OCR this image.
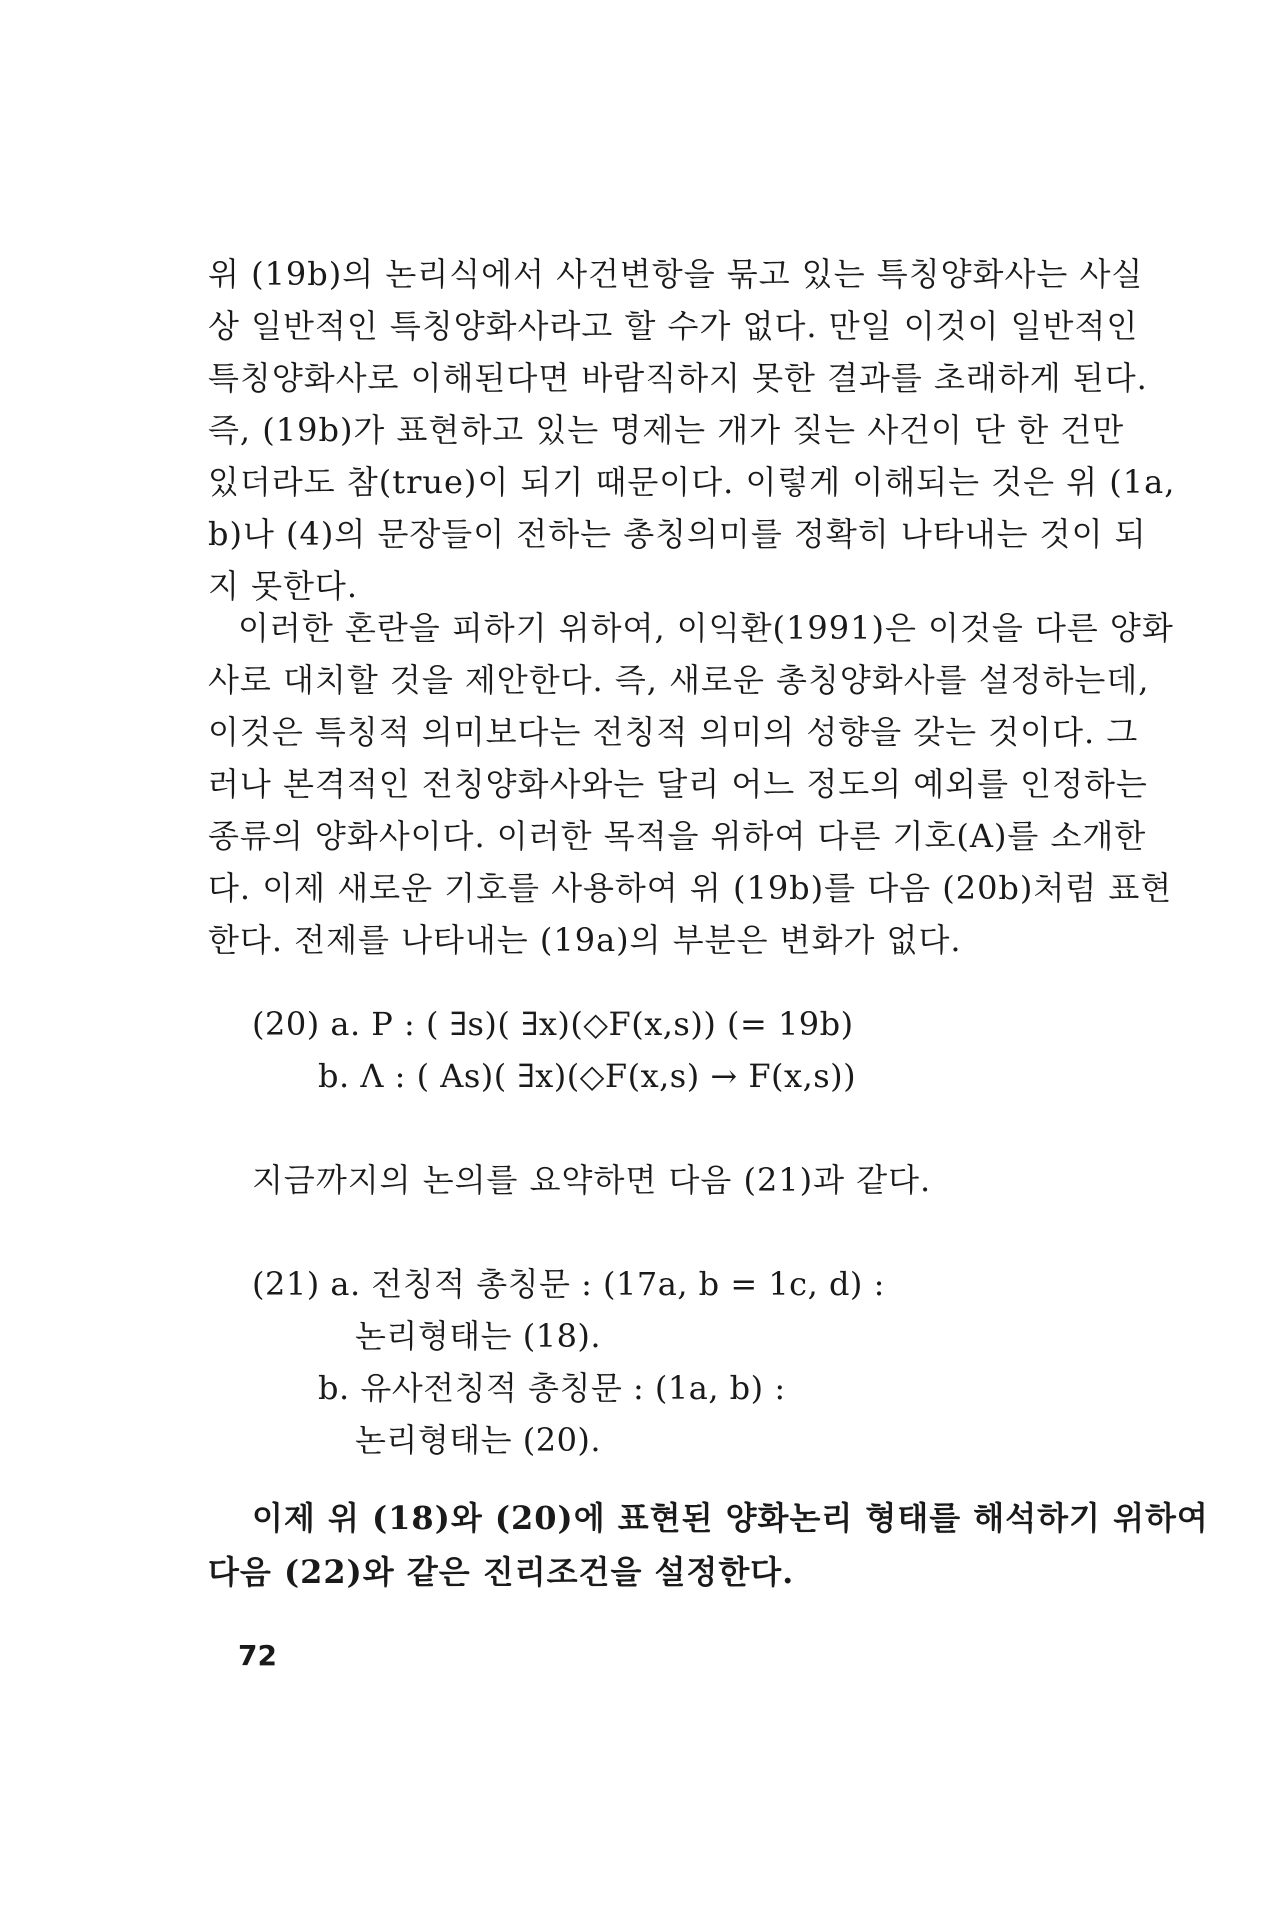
위 (19b)의 논리식에서 사건변항을 묶고 있는 특칭양화사는 사실
상 일반적인 특칭양화사라고 할 수가 없다. 만일 이것이 일반적인
특칭양화사로 이해된다면 바람직하지 못한 결과를 초래하게 된다.
즉, (19b)가 표현하고 있는 명제는 개가 짖는 사건이 단 한 건만
있더라도 참(true)이 되기 때문이다. 이렇게 이해되는 것은 위 (1a,
b)나 (4)의 문장들이 전하는 총칭의미를 정확히 나타내는 것이 되
지 못한다.
이러한 혼란을 피하기 위하여, 이익환(1991)은 이것을 다른 양화
사로 대치할 것을 제안한다. 즉, 새로운 총칭양화사를 설정하는데,
이것은 특칭적 의미보다는 전칭적 의미의 성향을 갖는 것이다. 그
러나 본격적인 전칭양화사와는 달리 어느 정도의 예외를 인정하는
종류의 양화사이다. 이러한 목적을 위하여 다른 기호(A)를 소개한
다. 이제 새로운 기호를 사용하여 위 (19b)를 다음 (20b)처럼 표현
한다. 전제를 나타내는 (19a)의 부분은 변화가 없다.
(20) a. P : ( ∃s)( ∃x)(◇F(x,s)) (= 19b)
b. Λ : ( As)( ∃x)(◇F(x,s) → F(x,s))
지금까지의 논의를 요약하면 다음 (21)과 같다.
(21) a. 전칭적 총칭문 : (17a, b = 1c, d) :
논리형태는 (18).
b. 유사전칭적 총칭문 : (1a, b) :
논리형태는 (20).
이제 위 (18)와 (20)에 표현된 양화논리 형태를 해석하기 위하여
다음 (22)와 같은 진리조건을 설정한다.
72
